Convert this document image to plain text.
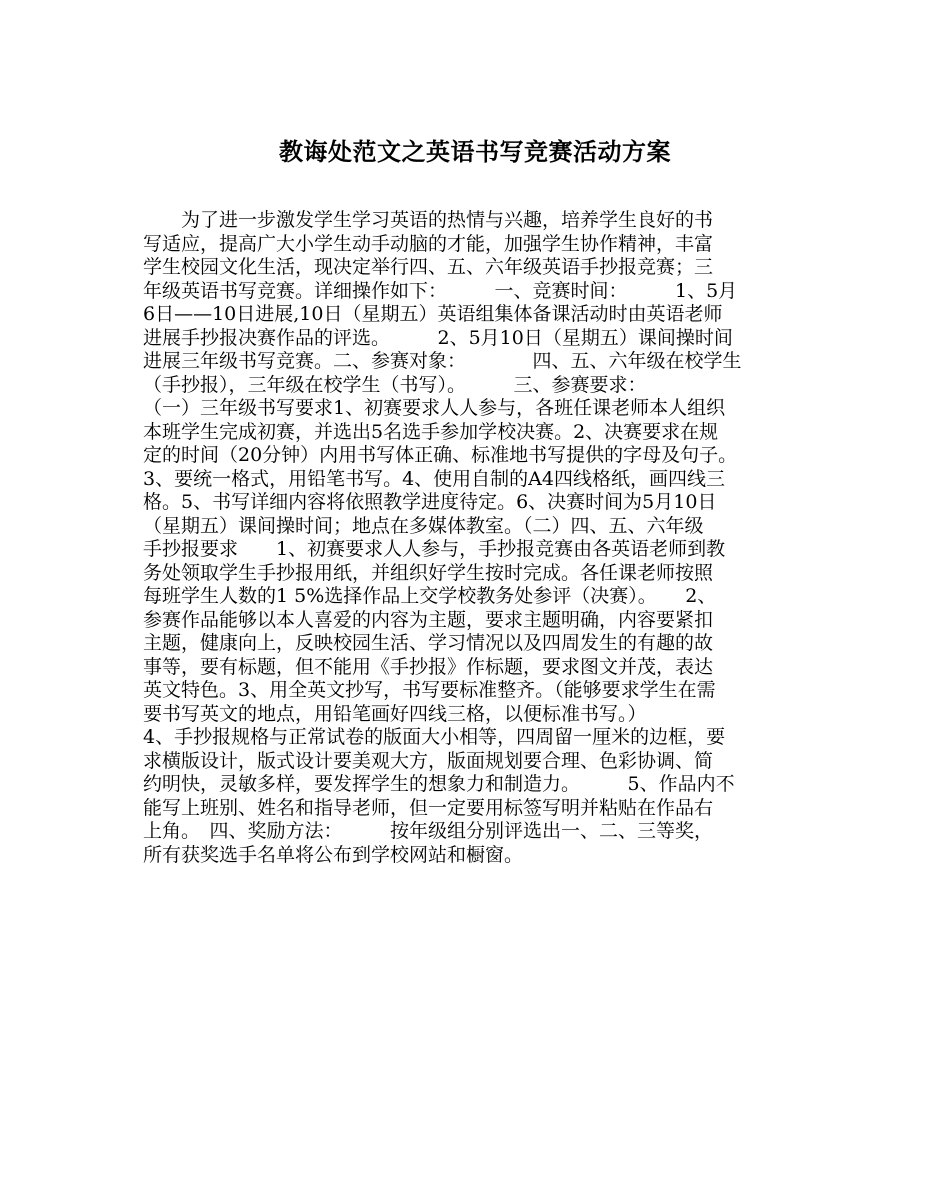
教诲处范文之英语书写竞赛活动方案
　　为了进一步激发学生学习英语的热情与兴趣，培养学生良好的书
写适应，提高广大小学生动手动脑的才能，加强学生协作精神，丰富
学生校园文化生活，现决定举行四、五、六年级英语手抄报竞赛；三
年级英语书写竞赛。详细操作如下：　　　一、竞赛时间：　　　1、5月
6日——10日进展,10日（星期五）英语组集体备课活动时由英语老师
进展手抄报决赛作品的评选。　　　2、5月10日（星期五）课间操时间
进展三年级书写竞赛。二、参赛对象：　　　　四、五、六年级在校学生
（手抄报），三年级在校学生（书写）。　　　三、参赛要求：
（一）三年级书写要求1、初赛要求人人参与，各班任课老师本人组织
本班学生完成初赛，并选出5名选手参加学校决赛。2、决赛要求在规
定的时间（20分钟）内用书写体正确、标准地书写提供的字母及句子。
3、要统一格式，用铅笔书写。4、使用自制的A4四线格纸，画四线三
格。5、书写详细内容将依照教学进度待定。6、决赛时间为5月10日
（星期五）课间操时间；地点在多媒体教室。（二）四、五、六年级
手抄报要求　　1、初赛要求人人参与，手抄报竞赛由各英语老师到教
务处领取学生手抄报用纸，并组织好学生按时完成。各任课老师按照
每班学生人数的1 5%选择作品上交学校教务处参评（决赛）。　　2、
参赛作品能够以本人喜爱的内容为主题，要求主题明确，内容要紧扣
主题，健康向上，反映校园生活、学习情况以及四周发生的有趣的故
事等，要有标题，但不能用《手抄报》作标题，要求图文并茂，表达
英文特色。3、用全英文抄写，书写要标准整齐。（能够要求学生在需
要书写英文的地点，用铅笔画好四线三格，以便标准书写。）
4、手抄报规格与正常试卷的版面大小相等，四周留一厘米的边框，要
求横版设计，版式设计要美观大方，版面规划要合理、色彩协调、简
约明快，灵敏多样，要发挥学生的想象力和制造力。　　　5、作品内不
能写上班别、姓名和指导老师，但一定要用标签写明并粘贴在作品右
上角。　四、奖励方法：　　　按年级组分别评选出一、二、三等奖，
所有获奖选手名单将公布到学校网站和橱窗。
